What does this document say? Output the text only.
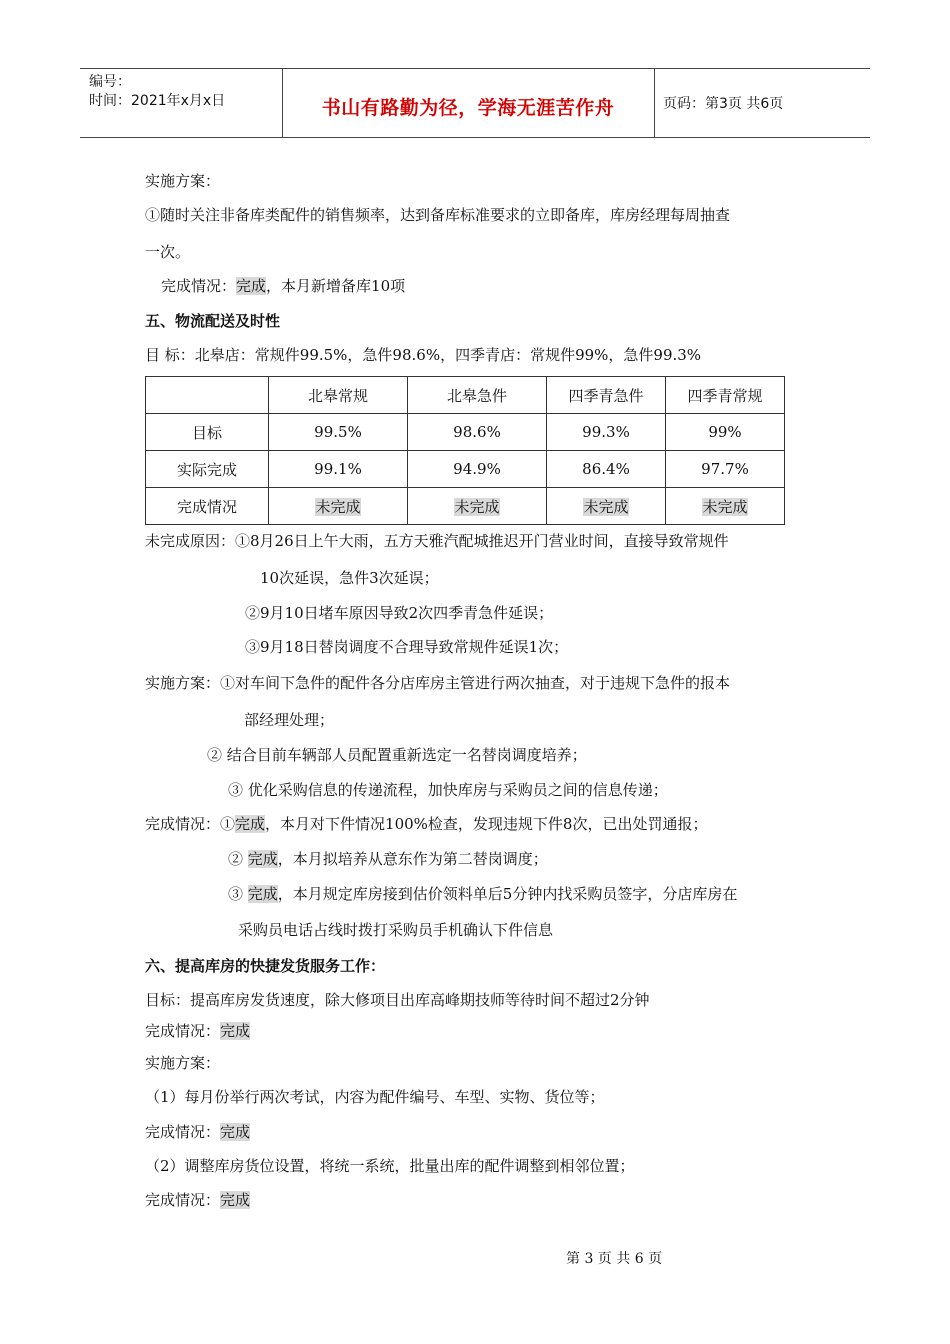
编号：
时间：2021年x月x日	书山有路勤为径，学海无涯苦作舟	页码：第3页 共6页
实施方案：
①随时关注非备库类配件的销售频率，达到备库标准要求的立即备库，库房经理每周抽查
一次。
完成情况：完成，本月新增备库10项
五、物流配送及时性
目 标：北皋店：常规件99.5%，急件98.6%，四季青店：常规件99%，急件99.3%
	北皋常规	北皋急件	四季青急件	四季青常规
目标	99.5%	98.6%	99.3%	99%
实际完成	99.1%	94.9%	86.4%	97.7%
完成情况	未完成	未完成	未完成	未完成
未完成原因：①8月26日上午大雨，五方天雅汽配城推迟开门营业时间，直接导致常规件
10次延误，急件3次延误；
②9月10日堵车原因导致2次四季青急件延误；
③9月18日替岗调度不合理导致常规件延误1次；
实施方案：①对车间下急件的配件各分店库房主管进行两次抽查，对于违规下急件的报本
部经理处理；
② 结合目前车辆部人员配置重新选定一名替岗调度培养；
③ 优化采购信息的传递流程，加快库房与采购员之间的信息传递；
完成情况：①完成，本月对下件情况100%检查，发现违规下件8次，已出处罚通报；
② 完成，本月拟培养从意东作为第二替岗调度；
③ 完成，本月规定库房接到估价领料单后5分钟内找采购员签字，分店库房在
采购员电话占线时拨打采购员手机确认下件信息
六、提高库房的快捷发货服务工作：
目标：提高库房发货速度，除大修项目出库高峰期技师等待时间不超过2分钟
完成情况：完成
实施方案：
（1）每月份举行两次考试，内容为配件编号、车型、实物、货位等；
完成情况：完成
（2）调整库房货位设置，将统一系统，批量出库的配件调整到相邻位置；
完成情况：完成
第 3 页 共 6 页
